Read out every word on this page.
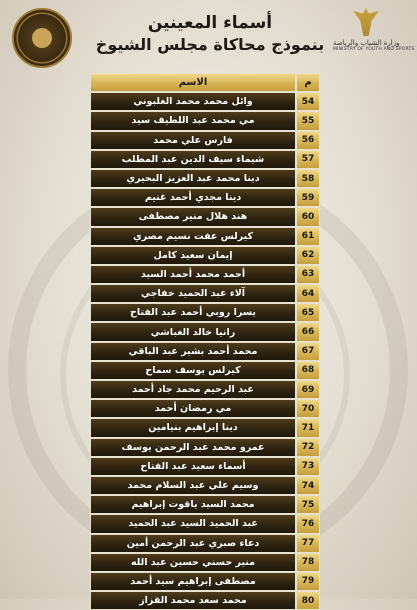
أسماء المعينين
بنموذج محاكاة مجلس الشيوخ	وزارة الشباب والرياضة
MINISTRY OF YOUTH AND SPORTS
م
الاسم
54
وائل محمد محمد الغلبوني
55
مي محمد عبد اللطيف سيد
56
فارس علي محمد
57
شيماء سيف الدين عبد المطلب
58
دينا محمد عبد العزيز البحيري
59
دينا مجدي أحمد غنيم
60
هند هلال منير مصطفى
61
كيرلس عفت نسيم مصري
62
إيمان سعيد كامل
63
أحمد محمد أحمد السيد
64
آلاء عبد الحميد خفاجي
65
يسرا روبي أحمد عبد الفتاح
66
رانيا خالد الغباشي
67
محمد أحمد بشير عبد الباقي
68
كيرلس يوسف سماح
69
عبد الرحيم محمد جاد أحمد
70
مي رمضان أحمد
71
دينا إبراهيم بنيامين
72
عمرو محمد عبد الرحمن يوسف
73
أسماء سعيد عبد الفتاح
74
وسيم علي عبد السلام محمد
75
محمد السيد ياقوت إبراهيم
76
عبد الحميد السيد عبد الحميد
77
دعاء صبري عبد الرحمن أمين
78
منير حسني حسين عبد الله
79
مصطفى إبراهيم سيد أحمد
80
محمد سعد محمد القزاز
